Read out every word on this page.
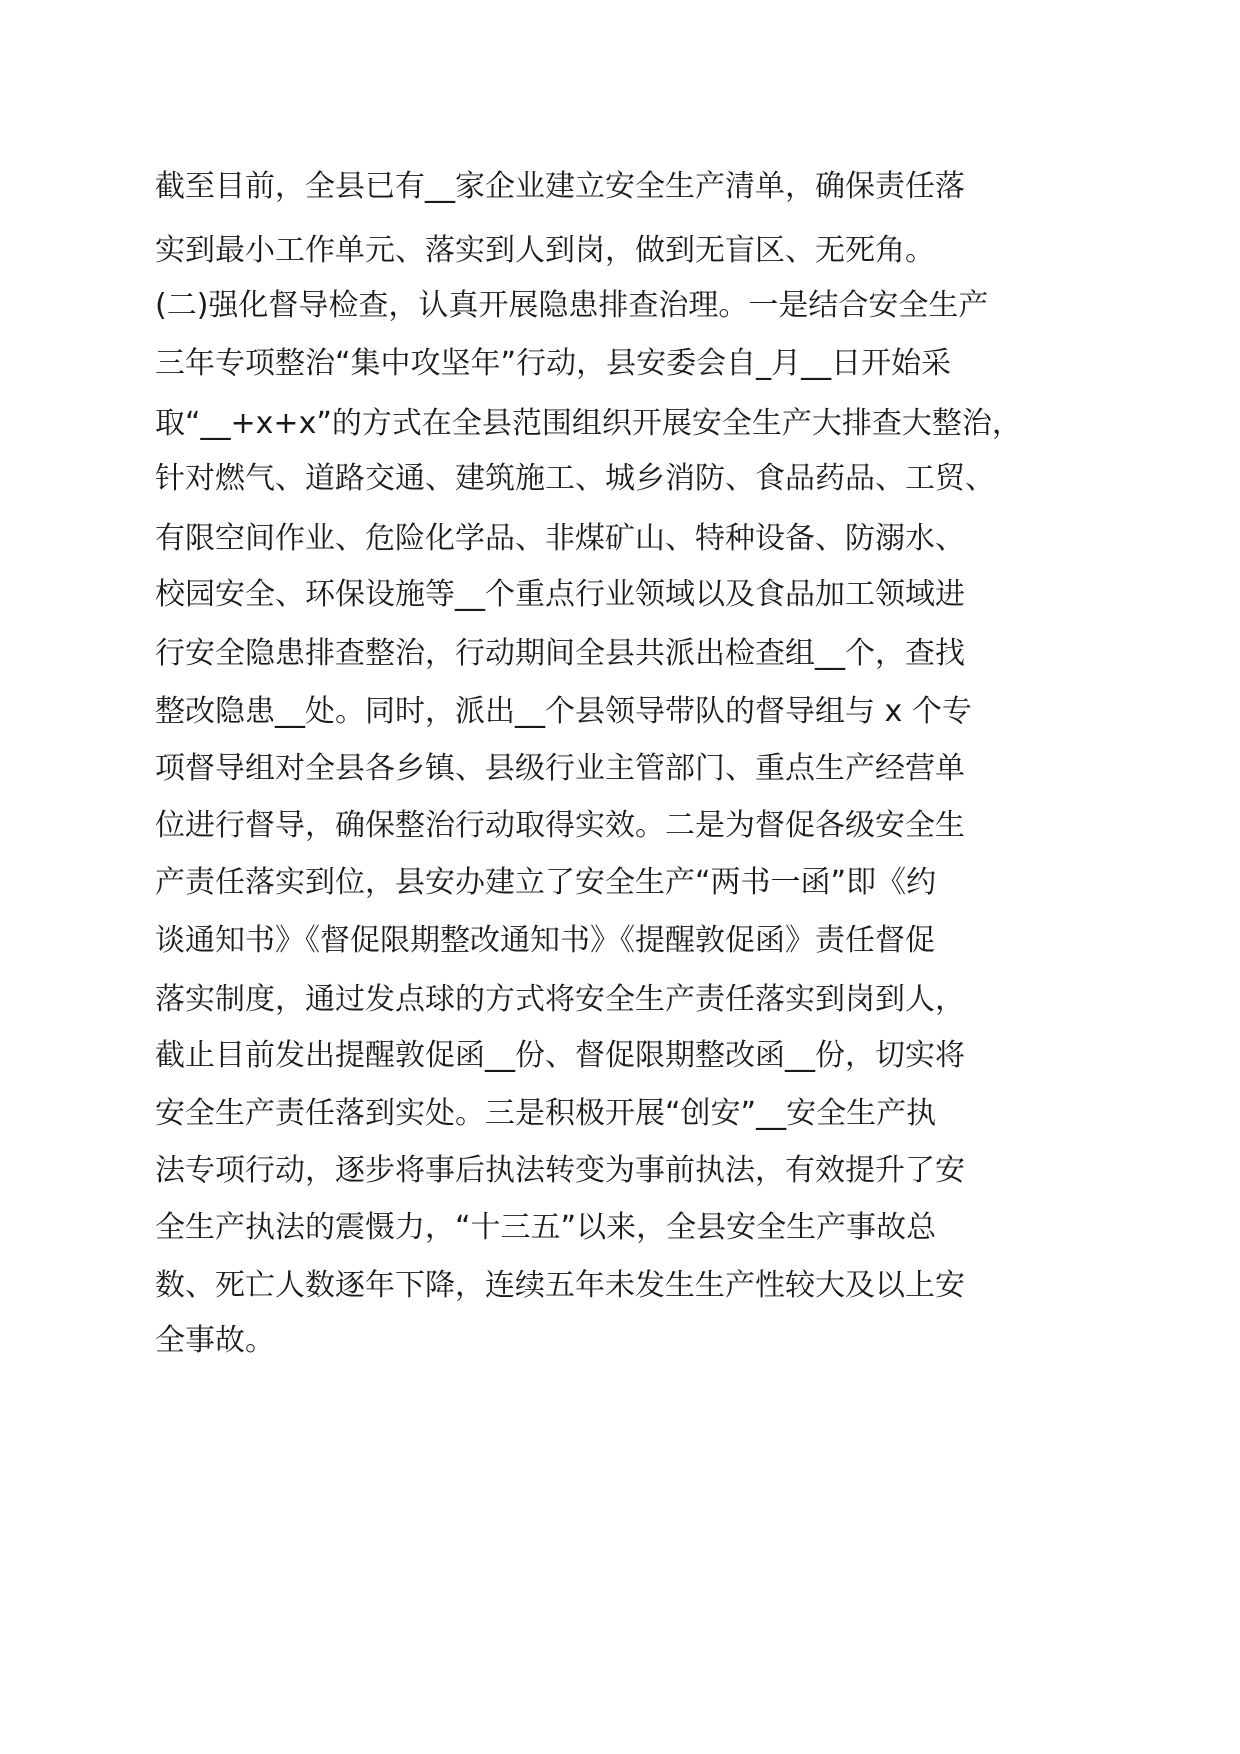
截至目前，全县已有__家企业建立安全生产清单，确保责任落

实到最小工作单元、落实到人到岗，做到无盲区、无死角。

(二)强化督导检查，认真开展隐患排查治理。一是结合安全生产

三年专项整治“集中攻坚年”行动，县安委会自_月__日开始采

取“__+x+x”的方式在全县范围组织开展安全生产大排查大整治，

针对燃气、道路交通、建筑施工、城乡消防、食品药品、工贸、

有限空间作业、危险化学品、非煤矿山、特种设备、防溺水、

校园安全、环保设施等__个重点行业领域以及食品加工领域进

行安全隐患排查整治，行动期间全县共派出检查组__个，查找

整改隐患__处。同时，派出__个县领导带队的督导组与 x 个专

项督导组对全县各乡镇、县级行业主管部门、重点生产经营单

位进行督导，确保整治行动取得实效。二是为督促各级安全生

产责任落实到位，县安办建立了安全生产“两书一函”即《约

谈通知书》《督促限期整改通知书》《提醒敦促函》责任督促

落实制度，通过发点球的方式将安全生产责任落实到岗到人，

截止目前发出提醒敦促函__份、督促限期整改函__份，切实将

安全生产责任落到实处。三是积极开展“创安”__安全生产执

法专项行动，逐步将事后执法转变为事前执法，有效提升了安

全生产执法的震慑力，“十三五”以来，全县安全生产事故总

数、死亡人数逐年下降，连续五年未发生生产性较大及以上安

全事故。
